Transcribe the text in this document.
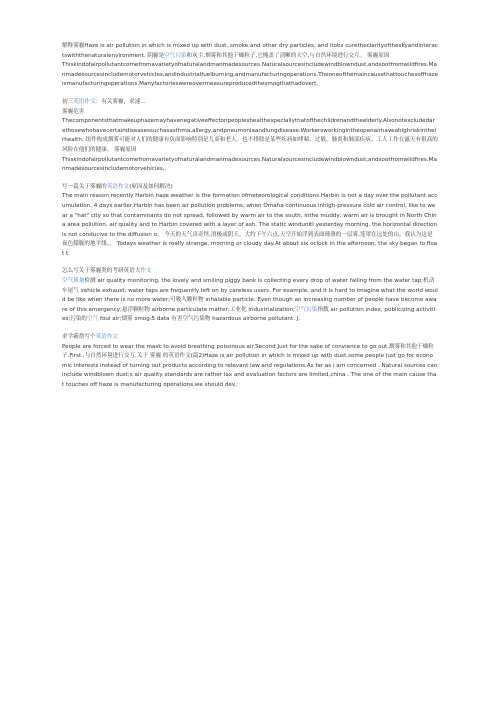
解释雾霾Haze is air pollution in which is mixed up with dust, smoke and other dry particles, and itobs curetheclarityoftheskyandinteractswiththenaturalenvironment. 阴霾是空气污染和灰尘,烟雾和其他干燥粒子,它掩盖了清晰的天空,与自然环境进行交互。 雾霾原因

Thiskindofairpollutantcomefromavarietyofnaturalandmanmadesources.Naturalsourcesincludewindblowndust,andsootfromwildfires.Manmadesourcesincludemotorvehicles,andindustrialfuelburning,andmanufacturingoperations.Theoneofthemaincausethattouchesoffhazeismanufacturingoperations.Manyfactorieswereovermeasureproducedthesmogthathadovert。

初三英语作文：有关雾霾，求速...

雾霾危害

Thecomponentsthatmakeuphazemayhavenegativeeffectonpeopleshealthespeciallythatofthechildrenandtheelderly.Alsonotexcludedarethosewhohavecertaindiseasessuchasasthma,allergy,andpneumoniaandlungdisease.Workersworkingintheopenairhaveahighriskintheirhealth. 组件构成烟雾可能对人们的健康有负面影响特别是儿童和老人。也不排除是某些疾病如哮喘、过敏、肺炎和肺部疾病。工人工作在露天有很高的风险在他们的健康。 雾霾原因

Thiskindofairpollutantcomefromavarietyofnaturalandmanmadesources.Naturalsourcesincludewindblowndust,andsootfromwildfires.Manmadesourcesincludemotorvehicles,.

写一篇关于雾霾的英语作文(原因及如何解决)

The main reason recently Harbin haze weather is the formation ofmeteorological conditions.Harbin is not a day over the pollutant accumulation, 4 days earlier,Harbin has been air pollution problems, when Omaha continuous inhigh-pressure cold air control, like to wear a "hat" city so that contaminants do not spread, followed by warm air to the south, inthe muddy, warm air is brought in North China area pollution, air quality and to Harbin covered with a layer of ash. The static windunitl yesterday morning, the horizontal direction is not conducive to the diffusion o。 今天的天气真奇怪,消极或阴天。大约下午六点,天空开始浮到表面薄薄的一层雾,笼罩在远处的山。我认为这是夜色朦胧的地平线。。 Todays weather is really strange, morning or cloudy day.At about six oclock in the afternoon, the sky began to float t.

怎么写关于雾霾类的考研英语大作文

空气质量检测 air quality monitoring, the lovely and smiling piggy bank is collecting every drop of water falling from the water tap;机动车尾气 vehicle exhaust, water taps are frequently left on by careless users. For example, and it is hard to imagine what the world would be like when there is no more water;可吸入颗粒物 inhalable particle. Even though an increasing number of people have become aware of this emergency;悬浮颗粒物 airborne particulate matter;工业化 industrialization;空气污染指数 air pollution index, publicizing activities;污染的空气 foul air;烟雾 smog.5 data 有害空气污染物 hazardous airborne pollutant. J.

求学霸帮写个英语作文

People are forced to wear the mask to avoid breathing poisonous air.Second.Just for the sake of convience to go out,烟雾和其他干燥粒子.First ,与自然环境进行交互.关于 雾霾 的英语作文(篇2)Haze is air pollution in which is mixed up with dust,some people just go for economic interests instead of turning out products according to relevant law and regulations.As far as i am concerned . Natural sources can include windblown dust;s air quality standards are rather lax and evaluation factors are limited,china . The one of the main cause that touches off haze is manufacturing operations,we should dev。
